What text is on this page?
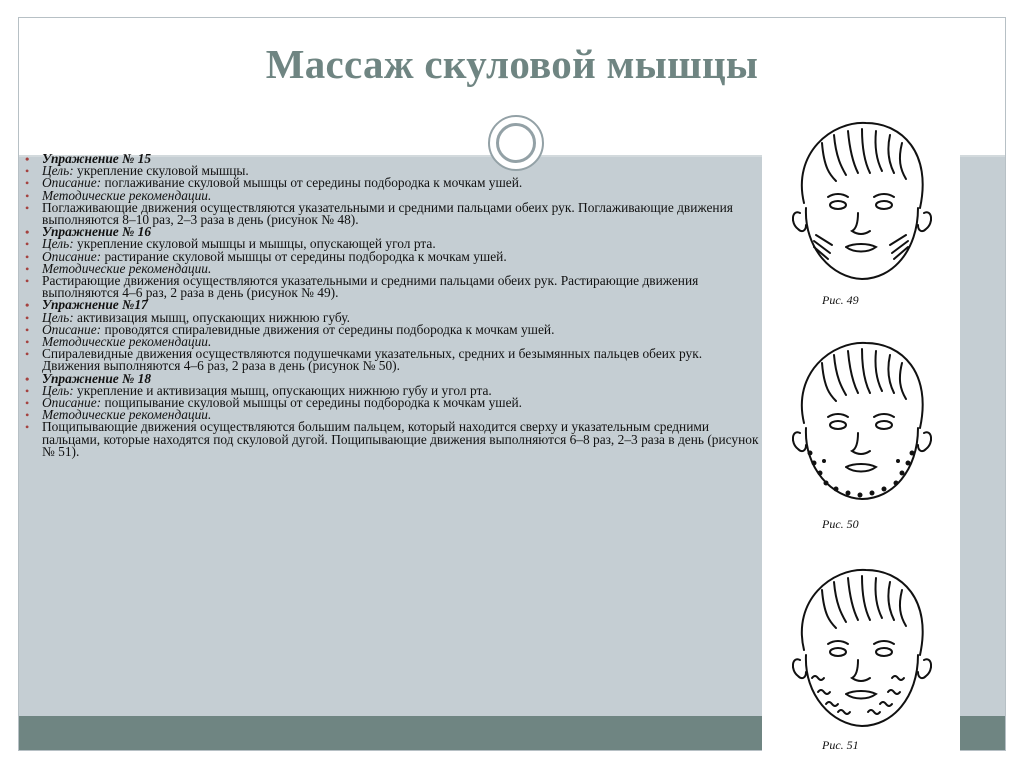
Массаж скуловой мышцы

• Упражнение № 15

• Цель: укрепление скуловой мышцы.

• Описание: поглаживание скуловой мышцы от середины подбородка к мочкам ушей.

• Методические рекомендации.

• Поглаживающие движения осуществляются указательными и средними пальцами обеих рук. Поглаживающие движения выполняются 8–10 раз, 2–3 раза в день (рисунок № 48).

• Упражнение № 16

• Цель: укрепление скуловой мышцы и мышцы, опускающей угол рта.

• Описание: растирание скуловой мышцы от середины подбородка к мочкам ушей.

• Методические рекомендации.

• Растирающие движения осуществляются указательными и средними пальцами обеих рук. Растирающие движения выполняются 4–6 раз, 2 раза в день (рисунок № 49).

• Упражнение №17

• Цель: активизация мышц, опускающих нижнюю губу.

• Описание: проводятся спиралевидные движения от середины подбородка к мочкам ушей.

• Методические рекомендации.

• Спиралевидные движения осуществляются подушечками указательных, средних и безымянных пальцев обеих рук. Движения выполняются 4–6 раз, 2 раза в день (рисунок № 50).

• Упражнение № 18

• Цель: укрепление и активизация мышц, опускающих нижнюю губу и угол рта.

• Описание: пощипывание скуловой мышцы от середины подбородка к мочкам ушей.

• Методические рекомендации.

• Пощипывающие движения осуществляются большим пальцем, который находится сверху и указательным средними пальцами, которые находятся под скуловой дугой. Пощипывающие движения выполняются 6–8 раз, 2–3 раза в день (рисунок № 51).

Рис. 49
Рис. 50
Рис. 51
